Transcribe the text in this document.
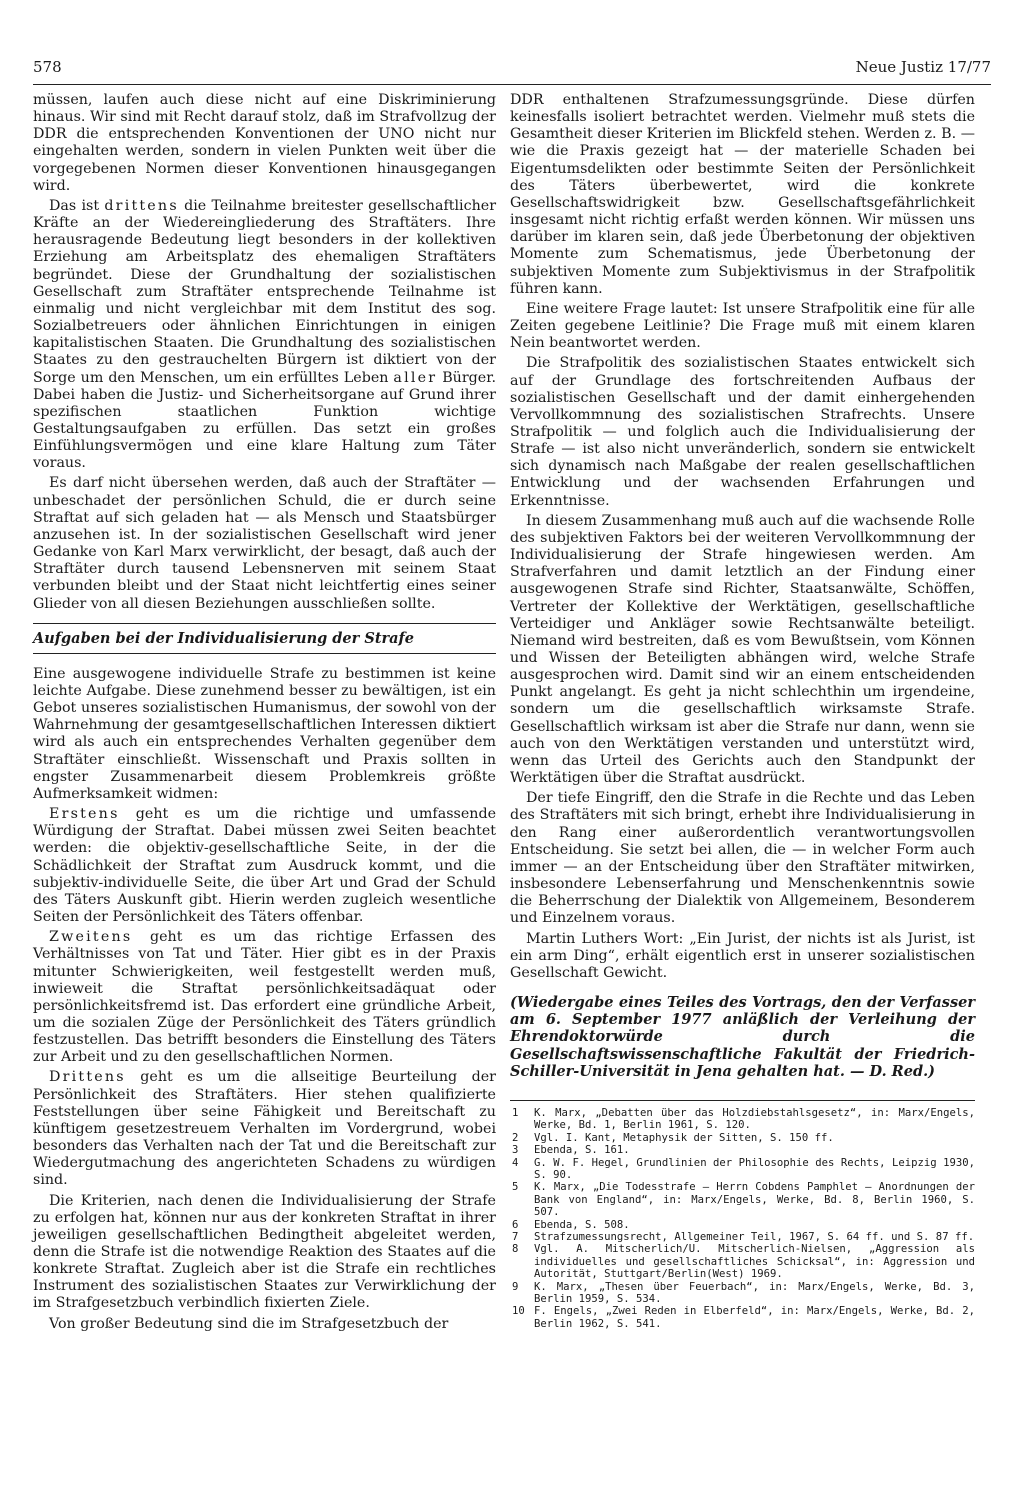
578	Neue Justiz 17/77

müssen, laufen auch diese nicht auf eine Diskriminierung hinaus. Wir sind mit Recht darauf stolz, daß im Strafvollzug der DDR die entsprechenden Konventionen der UNO nicht nur eingehalten werden, sondern in vielen Punkten weit über die vorgegebenen Normen dieser Konventionen hinausgegangen wird.

Das ist drittens die Teilnahme breitester gesellschaftlicher Kräfte an der Wiedereingliederung des Straftäters. Ihre herausragende Bedeutung liegt besonders in der kollektiven Erziehung am Arbeitsplatz des ehemaligen Straftäters begründet. Diese der Grundhaltung der sozialistischen Gesellschaft zum Straftäter entsprechende Teilnahme ist einmalig und nicht vergleichbar mit dem Institut des sog. Sozialbetreuers oder ähnlichen Einrichtungen in einigen kapitalistischen Staaten. Die Grundhaltung des sozialistischen Staates zu den gestrauchelten Bürgern ist diktiert von der Sorge um den Menschen, um ein erfülltes Leben aller Bürger. Dabei haben die Justiz- und Sicherheitsorgane auf Grund ihrer spezifischen staatlichen Funktion wichtige Gestaltungsaufgaben zu erfüllen. Das setzt ein großes Einfühlungsvermögen und eine klare Haltung zum Täter voraus.

Es darf nicht übersehen werden, daß auch der Straftäter — unbeschadet der persönlichen Schuld, die er durch seine Straftat auf sich geladen hat — als Mensch und Staatsbürger anzusehen ist. In der sozialistischen Gesellschaft wird jener Gedanke von Karl Marx verwirklicht, der besagt, daß auch der Straftäter durch tausend Lebensnerven mit seinem Staat verbunden bleibt und der Staat nicht leichtfertig eines seiner Glieder von all diesen Beziehungen ausschließen sollte.

Aufgaben bei der Individualisierung der Strafe

Eine ausgewogene individuelle Strafe zu bestimmen ist keine leichte Aufgabe. Diese zunehmend besser zu bewältigen, ist ein Gebot unseres sozialistischen Humanismus, der sowohl von der Wahrnehmung der gesamtgesellschaftlichen Interessen diktiert wird als auch ein entsprechendes Verhalten gegenüber dem Straftäter einschließt. Wissenschaft und Praxis sollten in engster Zusammenarbeit diesem Problemkreis größte Aufmerksamkeit widmen:

Erstens geht es um die richtige und umfassende Würdigung der Straftat. Dabei müssen zwei Seiten beachtet werden: die objektiv-gesellschaftliche Seite, in der die Schädlichkeit der Straftat zum Ausdruck kommt, und die subjektiv-individuelle Seite, die über Art und Grad der Schuld des Täters Auskunft gibt. Hierin werden zugleich wesentliche Seiten der Persönlichkeit des Täters offenbar.

Zweitens geht es um das richtige Erfassen des Verhältnisses von Tat und Täter. Hier gibt es in der Praxis mitunter Schwierigkeiten, weil festgestellt werden muß, inwieweit die Straftat persönlichkeitsadäquat oder persönlichkeitsfremd ist. Das erfordert eine gründliche Arbeit, um die sozialen Züge der Persönlichkeit des Täters gründlich festzustellen. Das betrifft besonders die Einstellung des Täters zur Arbeit und zu den gesellschaftlichen Normen.

Drittens geht es um die allseitige Beurteilung der Persönlichkeit des Straftäters. Hier stehen qualifizierte Feststellungen über seine Fähigkeit und Bereitschaft zu künftigem gesetzestreuem Verhalten im Vordergrund, wobei besonders das Verhalten nach der Tat und die Bereitschaft zur Wiedergutmachung des angerichteten Schadens zu würdigen sind.

Die Kriterien, nach denen die Individualisierung der Strafe zu erfolgen hat, können nur aus der konkreten Straftat in ihrer jeweiligen gesellschaftlichen Bedingtheit abgeleitet werden, denn die Strafe ist die notwendige Reaktion des Staates auf die konkrete Straftat. Zugleich aber ist die Strafe ein rechtliches Instrument des sozialistischen Staates zur Verwirklichung der im Strafgesetzbuch verbindlich fixierten Ziele.

Von großer Bedeutung sind die im Strafgesetzbuch der

DDR enthaltenen Strafzumessungsgründe. Diese dürfen keinesfalls isoliert betrachtet werden. Vielmehr muß stets die Gesamtheit dieser Kriterien im Blickfeld stehen. Werden z. B. — wie die Praxis gezeigt hat — der materielle Schaden bei Eigentumsdelikten oder bestimmte Seiten der Persönlichkeit des Täters überbewertet, wird die konkrete Gesellschaftswidrigkeit bzw. Gesellschaftsgefährlichkeit insgesamt nicht richtig erfaßt werden können. Wir müssen uns darüber im klaren sein, daß jede Überbetonung der objektiven Momente zum Schematismus, jede Überbetonung der subjektiven Momente zum Subjektivismus in der Strafpolitik führen kann.

Eine weitere Frage lautet: Ist unsere Strafpolitik eine für alle Zeiten gegebene Leitlinie? Die Frage muß mit einem klaren Nein beantwortet werden.

Die Strafpolitik des sozialistischen Staates entwickelt sich auf der Grundlage des fortschreitenden Aufbaus der sozialistischen Gesellschaft und der damit einhergehenden Vervollkommnung des sozialistischen Strafrechts. Unsere Strafpolitik — und folglich auch die Individualisierung der Strafe — ist also nicht unveränderlich, sondern sie entwickelt sich dynamisch nach Maßgabe der realen gesellschaftlichen Entwicklung und der wachsenden Erfahrungen und Erkenntnisse.

In diesem Zusammenhang muß auch auf die wachsende Rolle des subjektiven Faktors bei der weiteren Vervollkommnung der Individualisierung der Strafe hingewiesen werden. Am Strafverfahren und damit letztlich an der Findung einer ausgewogenen Strafe sind Richter, Staatsanwälte, Schöffen, Vertreter der Kollektive der Werktätigen, gesellschaftliche Verteidiger und Ankläger sowie Rechtsanwälte beteiligt. Niemand wird bestreiten, daß es vom Bewußtsein, vom Können und Wissen der Beteiligten abhängen wird, welche Strafe ausgesprochen wird. Damit sind wir an einem entscheidenden Punkt angelangt. Es geht ja nicht schlechthin um irgendeine, sondern um die gesellschaftlich wirksamste Strafe. Gesellschaftlich wirksam ist aber die Strafe nur dann, wenn sie auch von den Werktätigen verstanden und unterstützt wird, wenn das Urteil des Gerichts auch den Standpunkt der Werktätigen über die Straftat ausdrückt.

Der tiefe Eingriff, den die Strafe in die Rechte und das Leben des Straftäters mit sich bringt, erhebt ihre Individualisierung in den Rang einer außerordentlich verantwortungsvollen Entscheidung. Sie setzt bei allen, die — in welcher Form auch immer — an der Entscheidung über den Straftäter mitwirken, insbesondere Lebenserfahrung und Menschenkenntnis sowie die Beherrschung der Dialektik von Allgemeinem, Besonderem und Einzelnem voraus.

Martin Luthers Wort: „Ein Jurist, der nichts ist als Jurist, ist ein arm Ding“, erhält eigentlich erst in unserer sozialistischen Gesellschaft Gewicht.

(Wiedergabe eines Teiles des Vortrags, den der Verfasser am 6. September 1977 anläßlich der Verleihung der Ehrendoktorwürde durch die Gesellschaftswissenschaftliche Fakultät der Friedrich-Schiller-Universität in Jena gehalten hat. — D. Red.)
1	K. Marx, „Debatten über das Holzdiebstahlsgesetz“, in: Marx/Engels, Werke, Bd. 1, Berlin 1961, S. 120.
2	Vgl. I. Kant, Metaphysik der Sitten, S. 150 ff.
3	Ebenda, S. 161.
4	G. W. F. Hegel, Grundlinien der Philosophie des Rechts, Leipzig 1930, S. 90.
5	K. Marx, „Die Todesstrafe — Herrn Cobdens Pamphlet — Anordnungen der Bank von England“, in: Marx/Engels, Werke, Bd. 8, Berlin 1960, S. 507.
6	Ebenda, S. 508.
7	Strafzumessungsrecht, Allgemeiner Teil, 1967, S. 64 ff. und S. 87 ff.
8	Vgl. A. Mitscherlich/U. Mitscherlich-Nielsen, „Aggression als individuelles und gesellschaftliches Schicksal“, in: Aggression und Autorität, Stuttgart/Berlin(West) 1969.
9	K. Marx, „Thesen über Feuerbach“, in: Marx/Engels, Werke, Bd. 3, Berlin 1959, S. 534.
10 F. Engels, „Zwei Reden in Elberfeld“, in: Marx/Engels, Werke, Bd. 2, Berlin 1962, S. 541.
